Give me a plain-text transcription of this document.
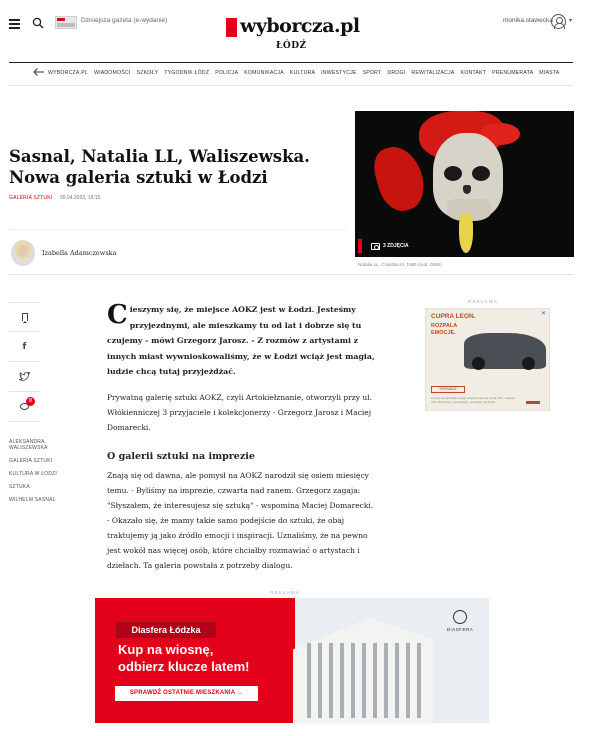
Dzisiejsza gazeta (e-wydanie)	wyborcza.pl
ŁÓDŹ
monika.stawecka	▾
WYBORCZA.PL WIADOMOŚCI SZKOŁY TYGODNIK ŁÓDŹ POLICJA KOMUNIKACJA KULTURA INWESTYCJE SPORT DROGI REWITALIZACJA KONTAKT PRENUMERATA MIASTA
Sasnal, Natalia LL, Waliszewska. Nowa galeria sztuki w Łodzi
GALERIA SZTUKI 09.04.2023, 18:15
3 ZDJĘCIA
Natalia LL, Czaszka III, 1995 (mat. ÓMS)
Izabella Adamczewska
f
0
ALEKSANDRA WALISZEWSKA
GALERIA SZTUKI
KULTURA W ŁODZI
SZTUKA
WILHELM SASNAL

Cieszymy się, że miejsce AOKZ jest w Łodzi. Jesteśmy przyjezdnymi, ale mieszkamy tu od lat i dobrze się tu czujemy - mówi Grzegorz Jarosz. - Z rozmów z artystami z innych miast wywnioskowaliśmy, że w Łodzi wciąż jest magia, ludzie chcą tutaj przyjeżdżać.

Prywatną galerię sztuki AOKZ, czyli Artokiełznanie, otworzyli przy ul. Włókienniczej 3 przyjaciele i kolekcjonerzy - Grzegorz Jarosz i Maciej Domarecki.

O galerii sztuki na imprezie

Znają się od dawna, ale pomysł na AOKZ narodził się osiem miesięcy temu. - Byliśmy na imprezie, czwarta nad ranem. Grzegorz zagaja: "Słyszałem, że interesujesz się sztuką" - wspomina Maciej Domarecki. - Okazało się, że mamy takie samo podejście do sztuki, że obaj traktujemy ją jako źródło emocji i inspiracji. Uznaliśmy, że na pewno jest wokół nas więcej osób, które chciałby rozmawiać o artystach i dziełach. Ta galeria powstała z potrzeby dialogu.

REKLAMA
CUPRA LEON.
ROZPALA EMOCJE.
SPRAWDŹ
zużycie energii paliw, energii elektrycznej oraz emisji CO2 - zasięgu oraz informacje o specyfikacji - szczegóły na stronie
✕
REKLAMA
DIASFERA
Diasfera Łódzka
Kup na wiosnę,
odbierz klucze latem!
SPRAWDŹ OSTATNIE MIESZKANIA →
